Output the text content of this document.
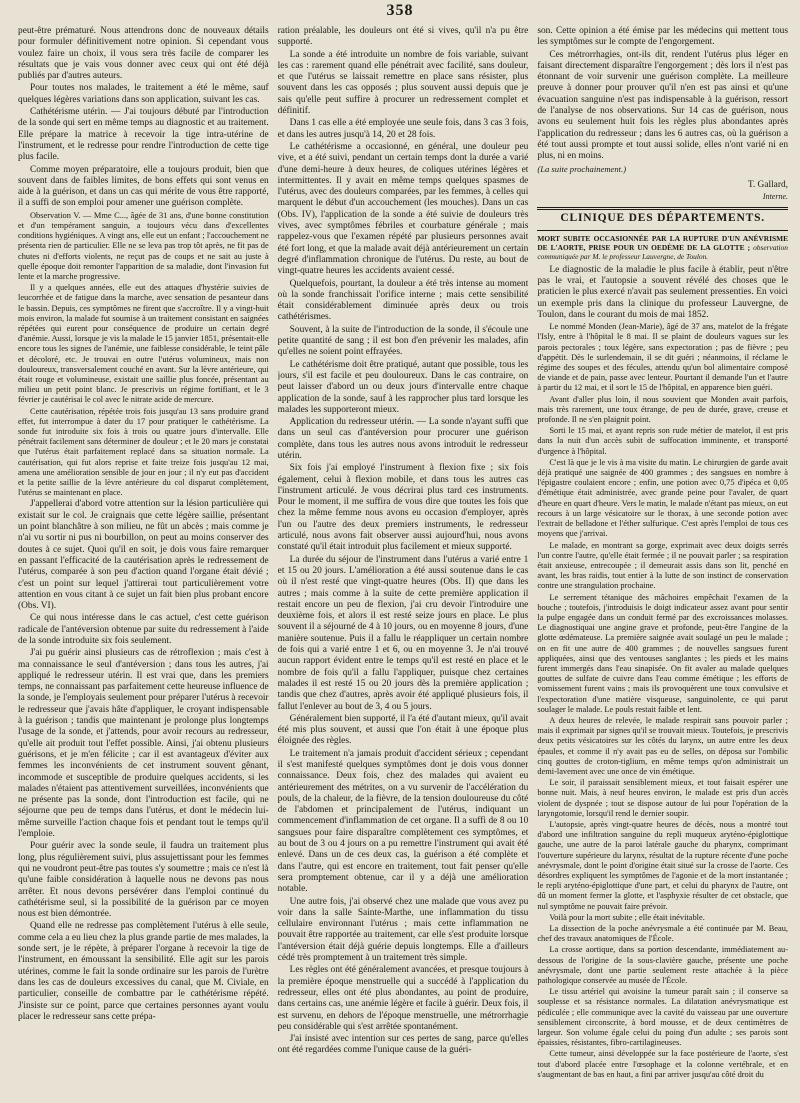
358

peut-être prématuré. Nous attendrons donc de nouveaux détails pour formuler définitivement notre opinion. Si cependant vous voulez faire un choix, il vous sera très facile de comparer les résultats que je vais vous donner avec ceux qui ont été déjà publiés par d'autres auteurs.

Pour toutes nos malades, le traitement a été le même, sauf quelques légères variations dans son application, suivant les cas.

Cathétérisme utérin. — J'ai toujours débuté par l'introduction de la sonde qui sert en même temps au diagnostic et au traitement. Elle prépare la matrice à recevoir la tige intra-utérine de l'instrument, et le redresse pour rendre l'introduction de cette tige plus facile.

Comme moyen préparatoire, elle a toujours produit, bien que souvent dans de faibles limites, de bons effets qui sont venus en aide à la guérison, et dans un cas qui mérite de vous être rapporté, il a suffi de son emploi pour amener une guérison complète.

Observation V. — Mme C..., âgée de 31 ans, d'une bonne constitution et d'un tempérament sanguin, a toujours vécu dans d'excellentes conditions hygiéniques. A vingt ans, elle eut un enfant ; l'accouchement ne présenta rien de particulier. Elle ne se leva pas trop tôt après, ne fit pas de chutes ni d'efforts violents, ne reçut pas de coups et ne sait au juste à quelle époque doit remonter l'apparition de sa maladie, dont l'invasion fut lente et la marche progressive.

Il y a quelques années, elle eut des attaques d'hystérie suivies de leucorrhée et de fatigue dans la marche, avec sensation de pesanteur dans le bassin. Depuis, ces symptômes ne firent que s'accroître. Il y a vingt-huit mois environ, la malade fut soumise à un traitement consistant en saignées répétées qui eurent pour conséquence de produire un certain degré d'anémie. Aussi, lorsque je vis la malade le 15 janvier 1851, présentait-elle encore tous les signes de l'anémie, une faiblesse considérable, le teint pâle et décoloré, etc. Je trouvai en outre l'utérus volumineux, mais non douloureux, transversalement couché en avant. Sur la lèvre antérieure, qui était rouge et volumineuse, existait une saillie plus foncée, présentant au milieu un petit point blanc. Je prescrivis un régime fortifiant, et le 3 février je cautérisai le col avec le nitrate acide de mercure.

Cette cautérisation, répétée trois fois jusqu'au 13 sans produire grand effet, fut interrompue à dater du 17 pour pratiquer le cathétérisme. La sonde fut introduite six fois à trois ou quatre jours d'intervalle. Elle pénétrait facilement sans déterminer de douleur ; et le 20 mars je constatai que l'utérus était parfaitement replacé dans sa situation normale. La cautérisation, qui fut alors reprise et faite treize fois jusqu'au 12 mai, amena une amélioration sensible de jour en jour ; il n'y eut pas d'accident et la petite saillie de la lèvre antérieure du col disparut complètement, l'utérus se maintenant en place.

J'appellerai d'abord votre attention sur la lésion particulière qui existait sur le col. Je craignais que cette légère saillie, présentant un point blanchâtre à son milieu, ne fût un abcès ; mais comme je n'ai vu sortir ni pus ni bourbillon, on peut au moins conserver des doutes à ce sujet. Quoi qu'il en soit, je dois vous faire remarquer en passant l'efficacité de la cautérisation après le redressement de l'utérus, comparée à son peu d'action quand l'organe était dévié ; c'est un point sur lequel j'attirerai tout particulièrement votre attention en vous citant à ce sujet un fait bien plus probant encore (Obs. VI).

Ce qui nous intéresse dans le cas actuel, c'est cette guérison radicale de l'antéversion obtenue par suite du redressement à l'aide de la sonde introduite six fois seulement.

J'ai pu guérir ainsi plusieurs cas de rétroflexion ; mais c'est à ma connaissance le seul d'antéversion ; dans tous les autres, j'ai appliqué le redresseur utérin. Il est vrai que, dans les premiers temps, ne connaissant pas parfaitement cette heureuse influence de la sonde, je l'employais seulement pour préparer l'utérus à recevoir le redresseur que j'avais hâte d'appliquer, le croyant indispensable à la guérison ; tandis que maintenant je prolonge plus longtemps l'usage de la sonde, et j'attends, pour avoir recours au redresseur, qu'elle ait produit tout l'effet possible. Ainsi, j'ai obtenu plusieurs guérisons, et je m'en félicite ; car il est avantageux d'éviter aux femmes les inconvénients de cet instrument souvent gênant, incommode et susceptible de produire quelques accidents, si les malades n'étaient pas attentivement surveillées, inconvénients que ne présente pas la sonde, dont l'introduction est facile, qui ne séjourne que peu de temps dans l'utérus, et dont le médecin lui-même surveille l'action chaque fois et pendant tout le temps qu'il l'emploie.

Pour guérir avec la sonde seule, il faudra un traitement plus long, plus régulièrement suivi, plus assujettissant pour les femmes qui ne voudront peut-être pas toutes s'y soumettre ; mais ce n'est là qu'une faible considération à laquelle nous ne devons pas nous arrêter. Et nous devons persévérer dans l'emploi continué du cathétérisme seul, si la possibilité de la guérison par ce moyen nous est bien démontrée.

Quand elle ne redresse pas complètement l'utérus à elle seule, comme cela a eu lieu chez la plus grande partie de mes malades, la sonde sert, je le répète, à préparer l'organe à recevoir la tige de l'instrument, en émoussant la sensibilité. Elle agit sur les parois utérines, comme le fait la sonde ordinaire sur les parois de l'urètre dans les cas de douleurs excessives du canal, que M. Civiale, en particulier, conseille de combattre par le cathétérisme répété. J'insiste sur ce point, parce que certaines personnes ayant voulu placer le redresseur sans cette prépa-

ration préalable, les douleurs ont été si vives, qu'il n'a pu être supporté.

La sonde a été introduite un nombre de fois variable, suivant les cas : rarement quand elle pénétrait avec facilité, sans douleur, et que l'utérus se laissait remettre en place sans résister, plus souvent dans les cas opposés ; plus souvent aussi depuis que je sais qu'elle peut suffire à procurer un redressement complet et définitif.

Dans 1 cas elle a été employée une seule fois, dans 3 cas 3 fois, et dans les autres jusqu'à 14, 20 et 28 fois.

Le cathétérisme a occasionné, en général, une douleur peu vive, et a été suivi, pendant un certain temps dont la durée a varié d'une demi-heure à deux heures, de coliques utérines légères et intermittentes. Il y avait en même temps quelques spasmes de l'utérus, avec des douleurs comparées, par les femmes, à celles qui marquent le début d'un accouchement (les mouches). Dans un cas (Obs. IV), l'application de la sonde a été suivie de douleurs très vives, avec symptômes fébriles et courbature générale ; mais rappelez-vous que l'examen répété par plusieurs personnes avait été fort long, et que la malade avait déjà antérieurement un certain degré d'inflammation chronique de l'utérus. Du reste, au bout de vingt-quatre heures les accidents avaient cessé.

Quelquefois, pourtant, la douleur a été très intense au moment où la sonde franchissait l'orifice interne ; mais cette sensibilité était considérablement diminuée après deux ou trois cathétérismes.

Souvent, à la suite de l'introduction de la sonde, il s'écoule une petite quantité de sang ; il est bon d'en prévenir les malades, afin qu'elles ne soient point effrayées.

Le cathétérisme doit être pratiqué, autant que possible, tous les jours, s'il est facile et peu douloureux. Dans le cas contraire, on peut laisser d'abord un ou deux jours d'intervalle entre chaque application de la sonde, sauf à les rapprocher plus tard lorsque les malades les supporteront mieux.

Application du redresseur utérin. — La sonde n'ayant suffi que dans un seul cas d'antéversion pour procurer une guérison complète, dans tous les autres nous avons introduit le redresseur utérin.

Six fois j'ai employé l'instrument à flexion fixe ; six fois également, celui à flexion mobile, et dans tous les autres cas l'instrument articulé. Je vous décrirai plus tard ces instruments. Pour le moment, il me suffira de vous dire que toutes les fois que chez la même femme nous avons eu occasion d'employer, après l'un ou l'autre des deux premiers instruments, le redresseur articulé, nous avons fait observer aussi aujourd'hui, nous avons constaté qu'il était introduit plus facilement et mieux supporté.

La durée du séjour de l'instrument dans l'utérus a varié entre 1 et 15 ou 20 jours. L'amélioration a été aussi soutenue dans le cas où il n'est resté que vingt-quatre heures (Obs. II) que dans les autres ; mais comme à la suite de cette première application il restait encore un peu de flexion, j'ai cru devoir l'introduire une deuxième fois, et alors il est resté seize jours en place. Le plus souvent il a séjourné de 4 à 10 jours, ou en moyenne 8 jours, d'une manière soutenue. Puis il a fallu le réappliquer un certain nombre de fois qui a varié entre 1 et 6, ou en moyenne 3. Je n'ai trouvé aucun rapport évident entre le temps qu'il est resté en place et le nombre de fois qu'il a fallu l'appliquer, puisque chez certaines malades il est resté 15 ou 20 jours dès la première application ; tandis que chez d'autres, après avoir été appliqué plusieurs fois, il fallut l'enlever au bout de 3, 4 ou 5 jours.

Généralement bien supporté, il l'a été d'autant mieux, qu'il avait été mis plus souvent, et aussi que l'on était à une époque plus éloignée des règles.

Le traitement n'a jamais produit d'accident sérieux ; cependant il s'est manifesté quelques symptômes dont je dois vous donner connaissance. Deux fois, chez des malades qui avaient eu antérieurement des métrites, on a vu survenir de l'accélération du pouls, de la chaleur, de la fièvre, de la tension douloureuse du côté de l'abdomen et principalement de l'utérus, indiquant un commencement d'inflammation de cet organe. Il a suffi de 8 ou 10 sangsues pour faire disparaître complètement ces symptômes, et au bout de 3 ou 4 jours on a pu remettre l'instrument qui avait été enlevé. Dans un de ces deux cas, la guérison a été complète et dans l'autre, qui est encore en traitement, tout fait penser qu'elle sera promptement obtenue, car il y a déjà une amélioration notable.

Une autre fois, j'ai observé chez une malade que vous avez pu voir dans la salle Sainte-Marthe, une inflammation du tissu cellulaire environnant l'utérus ; mais cette inflammation ne pouvait être rapportée au traitement, car elle s'est produite lorsque l'antéversion était déjà guérie depuis longtemps. Elle a d'ailleurs cédé très promptement à un traitement très simple.

Les règles ont été généralement avancées, et presque toujours à la première époque menstruelle qui a succédé à l'application du redresseur, elles ont été plus abondantes, au point de produire, dans certains cas, une anémie légère et facile à guérir. Deux fois, il est survenu, en dehors de l'époque menstruelle, une métrorrhagie peu considérable qui s'est arrêtée spontanément.

J'ai insisté avec intention sur ces pertes de sang, parce qu'elles ont été regardées comme l'unique cause de la guéri-

son. Cette opinion a été émise par les médecins qui mettent tous les symptômes sur le compte de l'engorgement.

Ces métrorrhagies, ont-ils dit, rendent l'utérus plus léger en faisant directement disparaître l'engorgement ; dès lors il n'est pas étonnant de voir survenir une guérison complète. La meilleure preuve à donner pour prouver qu'il n'en est pas ainsi et qu'une évacuation sanguine n'est pas indispensable à la guérison, ressort de l'analyse de nos observations. Sur 14 cas de guérison, nous avons eu seulement huit fois les règles plus abondantes après l'application du redresseur ; dans les 6 autres cas, où la guérison a été tout aussi prompte et tout aussi solide, elles n'ont varié ni en plus, ni en moins.

(La suite prochainement.)

T. Gallard,
Interne.
CLINIQUE DES DÉPARTEMENTS.
MORT SUBITE OCCASIONNÉE PAR LA RUPTURE D'UN ANÉVRISME DE L'AORTE, PRISE POUR UN OEDÈME DE LA GLOTTE ; observation communiquée par M. le professeur Lauvergne, de Toulon.

Le diagnostic de la maladie le plus facile à établir, peut n'être pas le vrai, et l'autopsie a souvent révélé des choses que le praticien le plus exercé n'avait pas seulement pressenties. En voici un exemple pris dans la clinique du professeur Lauvergne, de Toulon, dans le courant du mois de mai 1852.

Le nommé Monden (Jean-Marie), âgé de 37 ans, matelot de la frégate l'Isly, entre à l'hôpital le 8 mai. Il se plaint de douleurs vagues sur les parois pectorales ; toux légère, sans expectoration ; pas de fièvre ; peu d'appétit. Dès le surlendemain, il se dit guéri ; néanmoins, il réclame le régime des soupes et des fécules, attendu qu'un bol alimentaire composé de viande et de pain, passe avec lenteur. Pourtant il demande l'un et l'autre à partir du 12 mai, et il sort le 15 de l'hôpital, en apparence bien guéri.

Avant d'aller plus loin, il nous souvient que Monden avait parfois, mais très rarement, une toux étrange, de peu de durée, grave, creuse et profonde. Il ne s'en plaignit point.

Sorti le 15 mai, et ayant repris son rude métier de matelot, il est pris dans la nuit d'un accès subit de suffocation imminente, et transporté d'urgence à l'hôpital.

C'est là que je le vis à ma visite du matin. Le chirurgien de garde avait déjà pratiqué une saignée de 400 grammes ; des sangsues en nombre à l'épigastre coulaient encore ; enfin, une potion avec 0,75 d'ipéca et 0,05 d'émétique était administrée, avec grande peine pour l'avaler, de quart d'heure en quart d'heure. Vers le matin, le malade n'étant pas mieux, on eut recours à un large vésicatoire sur le thorax, à une seconde potion avec l'extrait de belladone et l'éther sulfurique. C'est après l'emploi de tous ces moyens que j'arrivai.

Le malade, en montrant sa gorge, exprimait avec deux doigts serrés l'un contre l'autre, qu'elle était fermée ; il ne pouvait parler ; sa respiration était anxieuse, entrecoupée ; il demeurait assis dans son lit, penché en avant, les bras raidis, tout entier à la lutte de son instinct de conservation contre une strangulation prochaine.

Le serrement tétanique des mâchoires empêchait l'examen de la bouche ; toutefois, j'introduisis le doigt indicateur assez avant pour sentir la pulpe engagée dans un conduit fermé par des excroissances molasses. Le diagnostiquai une angine grave et profonde, peut-être l'angine de la glotte œdémateuse. La première saignée avait soulagé un peu le malade ; on en fit une autre de 400 grammes ; de nouvelles sangsues furent appliquées, ainsi que des ventouses sanglantes ; les pieds et les mains furent immergés dans l'eau sinapisée. On fit avaler au malade quelques gouttes de sulfate de cuivre dans l'eau comme émétique ; les efforts de vomissement furent vains ; mais ils provoquèrent une toux convulsive et l'expectoration d'une matière visqueuse, sanguinolente, ce qui parut soulager le malade. Le pouls restait faible et lent.

A deux heures de relevée, le malade respirait sans pouvoir parler ; mais il exprimait par signes qu'il se trouvait mieux. Toutefois, je prescrivis deux petits vésicatoires sur les côtés du larynx, un autre entre les deux épaules, et comme il n'y avait pas eu de selles, on déposa sur l'ombilic cinq gouttes de croton-tiglium, en même temps qu'on administrait un demi-lavement avec une once de vin émétique.

Le soir, il paraissait sensiblement mieux, et tout faisait espérer une bonne nuit. Mais, à neuf heures environ, le malade est pris d'un accès violent de dyspnée ; tout se dispose autour de lui pour l'opération de la laryngotomie, lorsqu'il rend le dernier soupir.

L'autopsie, après vingt-quatre heures de décès, nous a montré tout d'abord une infiltration sanguine du repli muqueux aryténo-épiglottique gauche, une autre de la paroi latérale gauche du pharynx, comprimant l'ouverture supérieure du larynx, résultat de la rupture récente d'une poche anévrysmale, dont le point d'origine était situé sur la crosse de l'aorte. Ces désordres expliquent les symptômes de l'agonie et de la mort instantanée ; le repli aryténo-épiglottique d'une part, et celui du pharynx de l'autre, ont dû un moment fermer la glotte, et l'asphyxie résulter de cet obstacle, que nul symptôme ne pouvait faire prévoir.

Voilà pour la mort subite ; elle était inévitable.

La dissection de la poche anévrysmale a été continuée par M. Beau, chef des travaux anatomiques de l'École.

La crosse aortique, dans sa portion descendante, immédiatement au-dessous de l'origine de la sous-clavière gauche, présente une poche anévrysmale, dont une partie seulement reste attachée à la pièce pathologique conservée au musée de l'École.

Le tissu artériel qui avoisine la tumeur paraît sain ; il conserve sa souplesse et sa résistance normales. La dilatation anévrysmatique est pédiculée ; elle communique avec la cavité du vaisseau par une ouverture sensiblement circonscrite, à bord mousse, et de deux centimètres de largeur. Son volume égale celui du poing d'un adulte ; ses parois sont épaissies, résistantes, fibro-cartilagineuses.

Cette tumeur, ainsi développée sur la face postérieure de l'aorte, s'est tout d'abord placée entre l'œsophage et la colonne vertébrale, et en s'augmentant de bas en haut, a fini par arriver jusqu'au côté droit du
